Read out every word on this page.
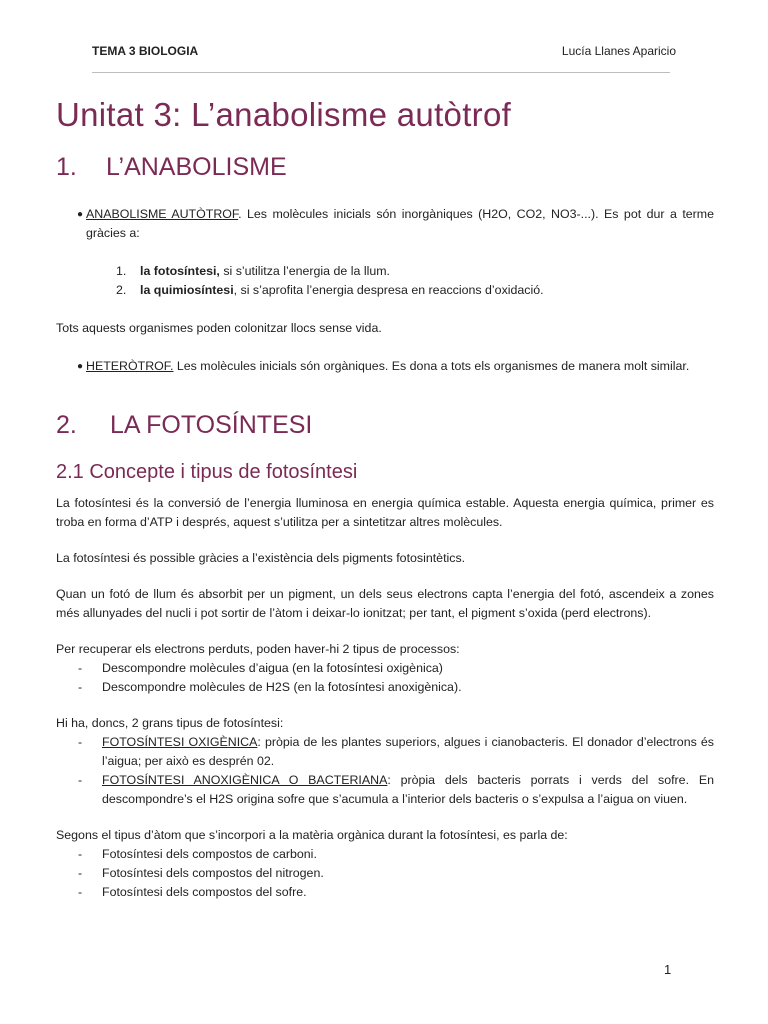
TEMA 3 BIOLOGIA	Lucía Llanes Aparicio
Unitat 3: L’anabolisme autòtrof
1. L’ANABOLISME
● ANABOLISME AUTÒTROF. Les molècules inicials són inorgàniques (H2O, CO2, NO3-...). Es pot dur a terme gràcies a:
1. la fotosíntesi, si s’utilitza l’energia de la llum.
2. la quimiosíntesi, si s’aprofita l’energia despresa en reaccions d’oxidació.

Tots aquests organismes poden colonitzar llocs sense vida.

● HETERÒTROF. Les molècules inicials són orgàniques. Es dona a tots els organismes de manera molt similar.
2. LA FOTOSÍNTESI
2.1 Concepte i tipus de fotosíntesi

La fotosíntesi és la conversió de l’energia lluminosa en energia química estable. Aquesta energia química, primer es troba en forma d’ATP i després, aquest s’utilitza per a sintetitzar altres molècules.

La fotosíntesi és possible gràcies a l’existència dels pigments fotosintètics.

Quan un fotó de llum és absorbit per un pigment, un dels seus electrons capta l’energia del fotó, ascendeix a zones més allunyades del nucli i pot sortir de l’àtom i deixar-lo ionitzat; per tant, el pigment s’oxida (perd electrons).

Per recuperar els electrons perduts, poden haver-hi 2 tipus de processos:

- Descompondre molècules d’aigua (en la fotosíntesi oxigènica)
- Descompondre molècules de H2S (en la fotosíntesi anoxigènica).

Hi ha, doncs, 2 grans tipus de fotosíntesi:

- FOTOSÍNTESI OXIGÈNICA: pròpia de les plantes superiors, algues i cianobacteris. El donador d’electrons és l’aigua; per això es desprén 02.
- FOTOSÍNTESI ANOXIGÈNICA O BACTERIANA: pròpia dels bacteris porrats i verds del sofre. En descompondre’s el H2S origina sofre que s’acumula a l’interior dels bacteris o s’expulsa a l’aigua on viuen.

Segons el tipus d’àtom que s’incorpori a la matèria orgànica durant la fotosíntesi, es parla de:

- Fotosíntesi dels compostos de carboni.
- Fotosíntesi dels compostos del nitrogen.
- Fotosíntesi dels compostos del sofre.
1
